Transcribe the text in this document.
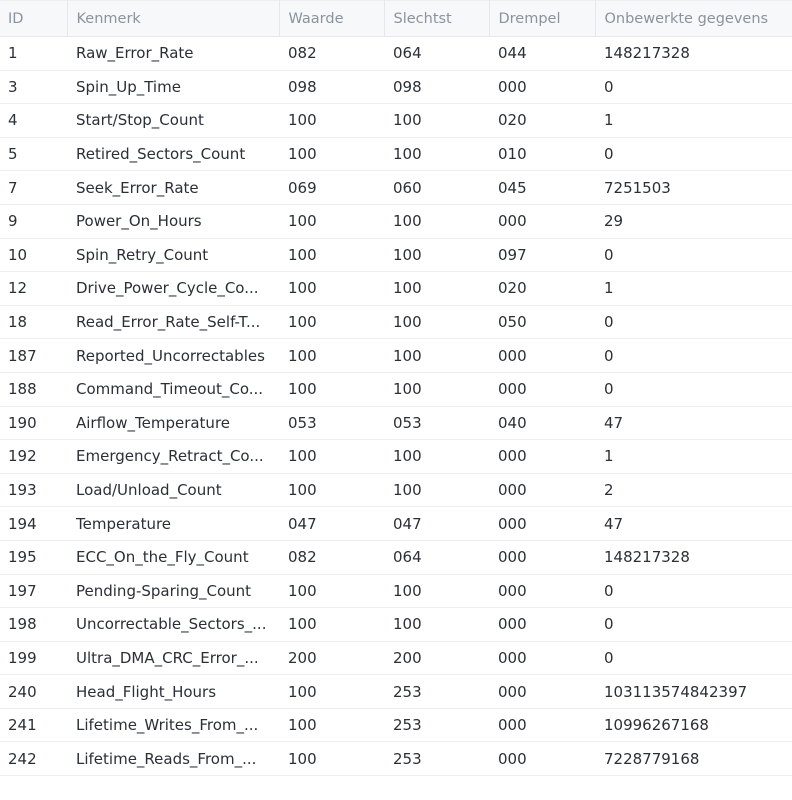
ID	Kenmerk	Waarde	Slechtst	Drempel	Onbewerkte gegevens
1	Raw_Error_Rate	082	064	044	148217328
3	Spin_Up_Time	098	098	000	0
4	Start/Stop_Count	100	100	020	1
5	Retired_Sectors_Count	100	100	010	0
7	Seek_Error_Rate	069	060	045	7251503
9	Power_On_Hours	100	100	000	29
10	Spin_Retry_Count	100	100	097	0
12	Drive_Power_Cycle_Co...	100	100	020	1
18	Read_Error_Rate_Self-T...	100	100	050	0
187	Reported_Uncorrectables	100	100	000	0
188	Command_Timeout_Co...	100	100	000	0
190	Airflow_Temperature	053	053	040	47
192	Emergency_Retract_Co...	100	100	000	1
193	Load/Unload_Count	100	100	000	2
194	Temperature	047	047	000	47
195	ECC_On_the_Fly_Count	082	064	000	148217328
197	Pending-Sparing_Count	100	100	000	0
198	Uncorrectable_Sectors_...	100	100	000	0
199	Ultra_DMA_CRC_Error_...	200	200	000	0
240	Head_Flight_Hours	100	253	000	103113574842397
241	Lifetime_Writes_From_...	100	253	000	10996267168
242	Lifetime_Reads_From_...	100	253	000	7228779168
